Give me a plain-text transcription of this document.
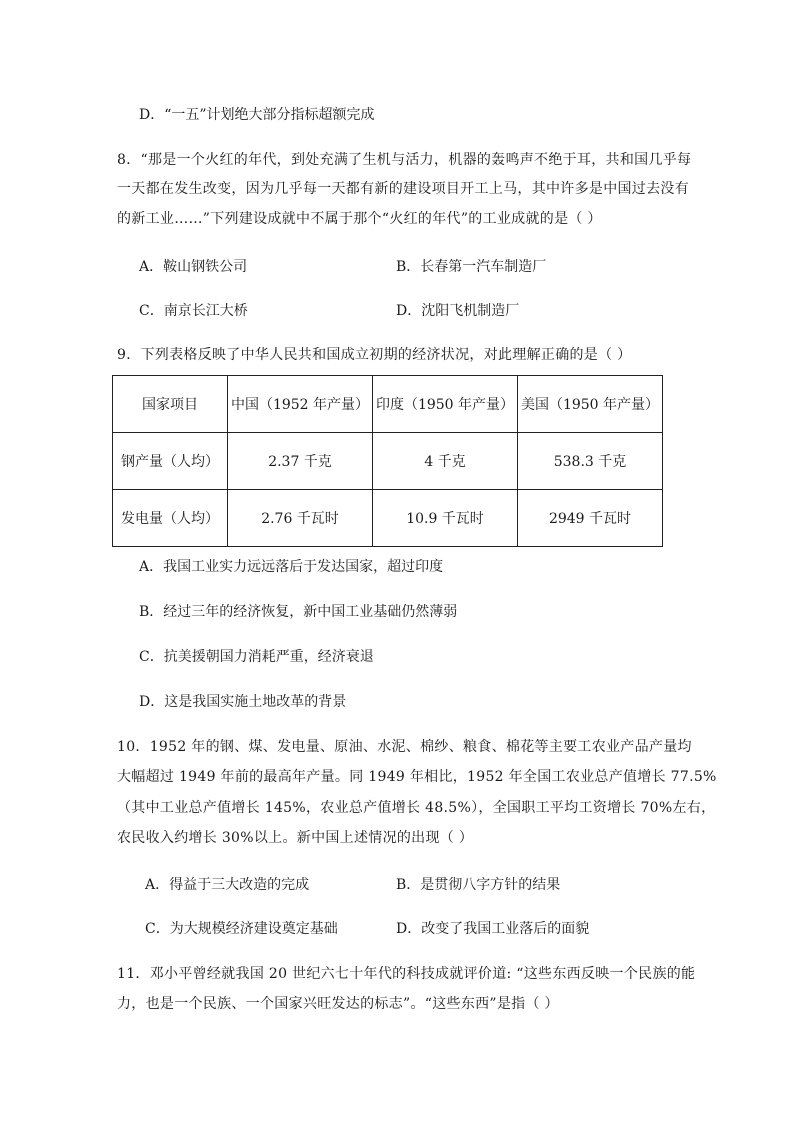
D．“一五”计划绝大部分指标超额完成
8．“那是一个火红的年代，到处充满了生机与活力，机器的轰鸣声不绝于耳，共和国几乎每
一天都在发生改变，因为几乎每一天都有新的建设项目开工上马，其中许多是中国过去没有
的新工业……”下列建设成就中不属于那个“火红的年代”的工业成就的是（ ）
A．鞍山钢铁公司	B．长春第一汽车制造厂
C．南京长江大桥	D．沈阳飞机制造厂
9．下列表格反映了中华人民共和国成立初期的经济状况，对此理解正确的是（ ）
国家项目	中国（1952 年产量）	印度（1950 年产量）	美国（1950 年产量）
钢产量（人均）	2.37 千克	4 千克	538.3 千克
发电量（人均）	2.76 千瓦时	10.9 千瓦时	2949 千瓦时
A．我国工业实力远远落后于发达国家，超过印度
B．经过三年的经济恢复，新中国工业基础仍然薄弱
C．抗美援朝国力消耗严重，经济衰退
D．这是我国实施土地改革的背景
10．1952 年的钢、煤、发电量、原油、水泥、棉纱、粮食、棉花等主要工农业产品产量均
大幅超过 1949 年前的最高年产量。同 1949 年相比，1952 年全国工农业总产值增长 77.5%
（其中工业总产值增长 145%，农业总产值增长 48.5%），全国职工平均工资增长 70%左右，
农民收入约增长 30%以上。新中国上述情况的出现（ ）
A．得益于三大改造的完成	B．是贯彻八字方针的结果
C．为大规模经济建设奠定基础	D．改变了我国工业落后的面貌
11．邓小平曾经就我国 20 世纪六七十年代的科技成就评价道: “这些东西反映一个民族的能
力，也是一个民族、一个国家兴旺发达的标志”。“这些东西”是指（ ）
